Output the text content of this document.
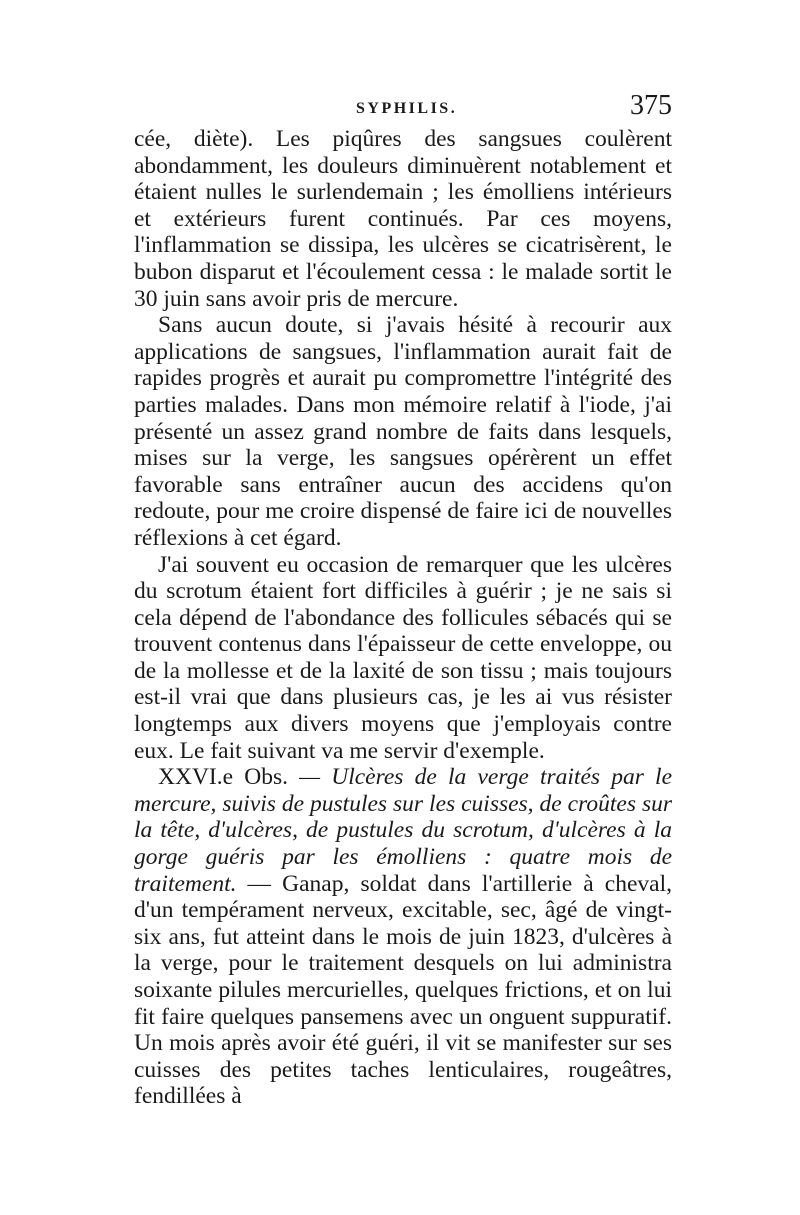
SYPHILIS.	375

cée, diète). Les piqûres des sangsues coulèrent abondamment, les douleurs diminuèrent notablement et étaient nulles le surlendemain ; les émolliens intérieurs et extérieurs furent continués. Par ces moyens, l'inflammation se dissipa, les ulcères se cicatrisèrent, le bubon disparut et l'écoulement cessa : le malade sortit le 30 juin sans avoir pris de mercure.

Sans aucun doute, si j'avais hésité à recourir aux applications de sangsues, l'inflammation aurait fait de rapides progrès et aurait pu compromettre l'intégrité des parties malades. Dans mon mémoire relatif à l'iode, j'ai présenté un assez grand nombre de faits dans lesquels, mises sur la verge, les sangsues opérèrent un effet favorable sans entraîner aucun des accidens qu'on redoute, pour me croire dispensé de faire ici de nouvelles réflexions à cet égard.

J'ai souvent eu occasion de remarquer que les ulcères du scrotum étaient fort difficiles à guérir ; je ne sais si cela dépend de l'abondance des follicules sébacés qui se trouvent contenus dans l'épaisseur de cette enveloppe, ou de la mollesse et de la laxité de son tissu ; mais toujours est-il vrai que dans plusieurs cas, je les ai vus résister longtemps aux divers moyens que j'employais contre eux. Le fait suivant va me servir d'exemple.

XXVI.e Obs. — Ulcères de la verge traités par le mercure, suivis de pustules sur les cuisses, de croûtes sur la tête, d'ulcères, de pustules du scrotum, d'ulcères à la gorge guéris par les émolliens : quatre mois de traitement. — Ganap, soldat dans l'artillerie à cheval, d'un tempérament nerveux, excitable, sec, âgé de vingt-six ans, fut atteint dans le mois de juin 1823, d'ulcères à la verge, pour le traitement desquels on lui administra soixante pilules mercurielles, quelques frictions, et on lui fit faire quelques pansemens avec un onguent suppuratif. Un mois après avoir été guéri, il vit se manifester sur ses cuisses des petites taches lenticulaires, rougeâtres, fendillées à
